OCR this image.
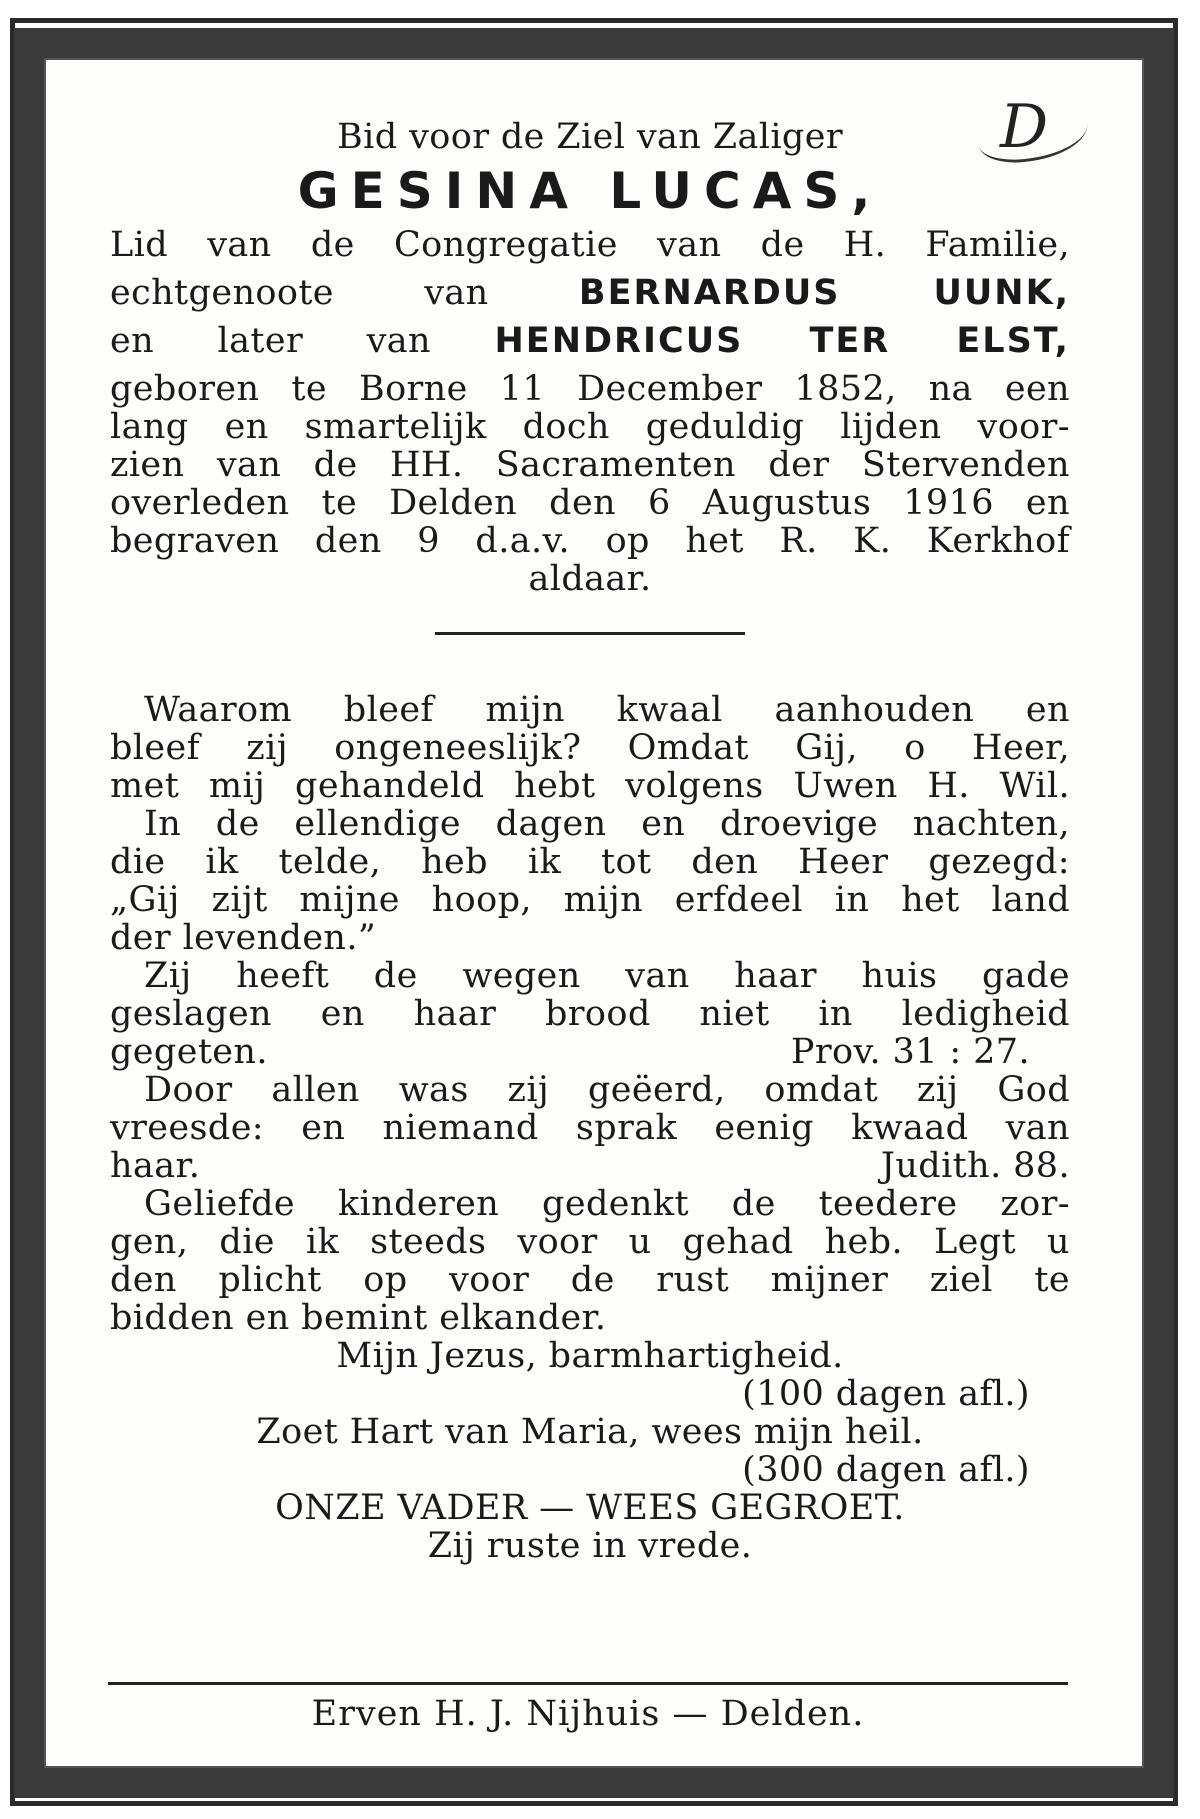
D
Bid voor de Ziel van Zaliger
GESINA LUCAS,
Lid van de Congregatie van de H. Familie,
echtgenoote van	BERNARDUS UUNK,
en later van HENDRICUS TER ELST,
geboren te Borne 11 December 1852, na een
lang en smartelijk doch geduldig lijden voor-
zien van de HH. Sacramenten der Stervenden
overleden te Delden den 6 Augustus 1916 en
begraven den 9 d.a.v. op het R. K. Kerkhof
aldaar.
Waarom bleef mijn kwaal aanhouden en
bleef zij ongeneeslijk? Omdat Gij, o Heer,
met mij gehandeld hebt volgens Uwen H. Wil.
In de ellendige dagen en droevige nachten,
die ik telde, heb ik tot den Heer gezegd:
„Gij zijt mijne hoop, mijn erfdeel in het land
der levenden.”
Zij heeft de wegen van haar huis gade
geslagen en haar brood niet in ledigheid
gegeten.	Prov. 31 : 27.
Door allen was zij geëerd, omdat zij God
vreesde: en niemand sprak eenig kwaad van
haar.	Judith. 88.
Geliefde kinderen gedenkt de teedere zor-
gen, die ik steeds voor u gehad heb. Legt u
den plicht op voor de rust mijner ziel te
bidden en bemint elkander.
Mijn Jezus, barmhartigheid.
(100 dagen afl.)
Zoet Hart van Maria, wees mijn heil.
(300 dagen afl.)
ONZE VADER — WEES GEGROET.
Zij ruste in vrede.
Erven H. J. Nijhuis — Delden.
